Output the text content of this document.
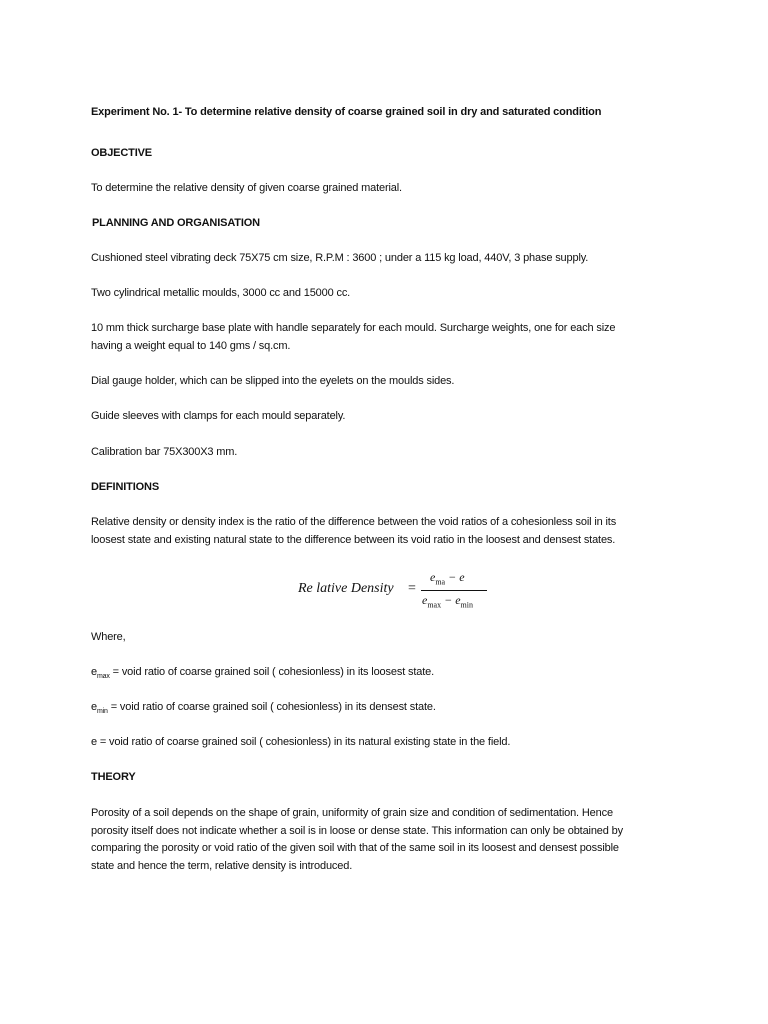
Experiment No. 1- To determine relative density of coarse grained soil in dry and saturated condition
OBJECTIVE
To determine the relative density of given coarse grained material.
PLANNING AND ORGANISATION
Cushioned steel vibrating deck 75X75 cm size, R.P.M : 3600 ; under a 115 kg load, 440V, 3 phase supply.
Two cylindrical metallic moulds, 3000 cc and 15000 cc.
10 mm thick surcharge base plate with handle separately for each mould. Surcharge weights, one for each size
having a weight equal to 140 gms / sq.cm.
Dial gauge holder, which can be slipped into the eyelets on the moulds sides.
Guide sleeves with clamps for each mould separately.
Calibration bar 75X300X3 mm.
DEFINITIONS
Relative density or density index is the ratio of the difference between the void ratios of a cohesionless soil in its
loosest state and existing natural state to the difference between its void ratio in the loosest and densest states.
Re lative Density =
$e_{ma} - e$
$e_{max} - e_{min}$
Where,
$e_{max}$ = void ratio of coarse grained soil ( cohesionless) in its loosest state.
$e_{min}$ = void ratio of coarse grained soil ( cohesionless) in its densest state.
e = void ratio of coarse grained soil ( cohesionless) in its natural existing state in the field.
THEORY
Porosity of a soil depends on the shape of grain, uniformity of grain size and condition of sedimentation. Hence
porosity itself does not indicate whether a soil is in loose or dense state. This information can only be obtained by
comparing the porosity or void ratio of the given soil with that of the same soil in its loosest and densest possible
state and hence the term, relative density is introduced.
